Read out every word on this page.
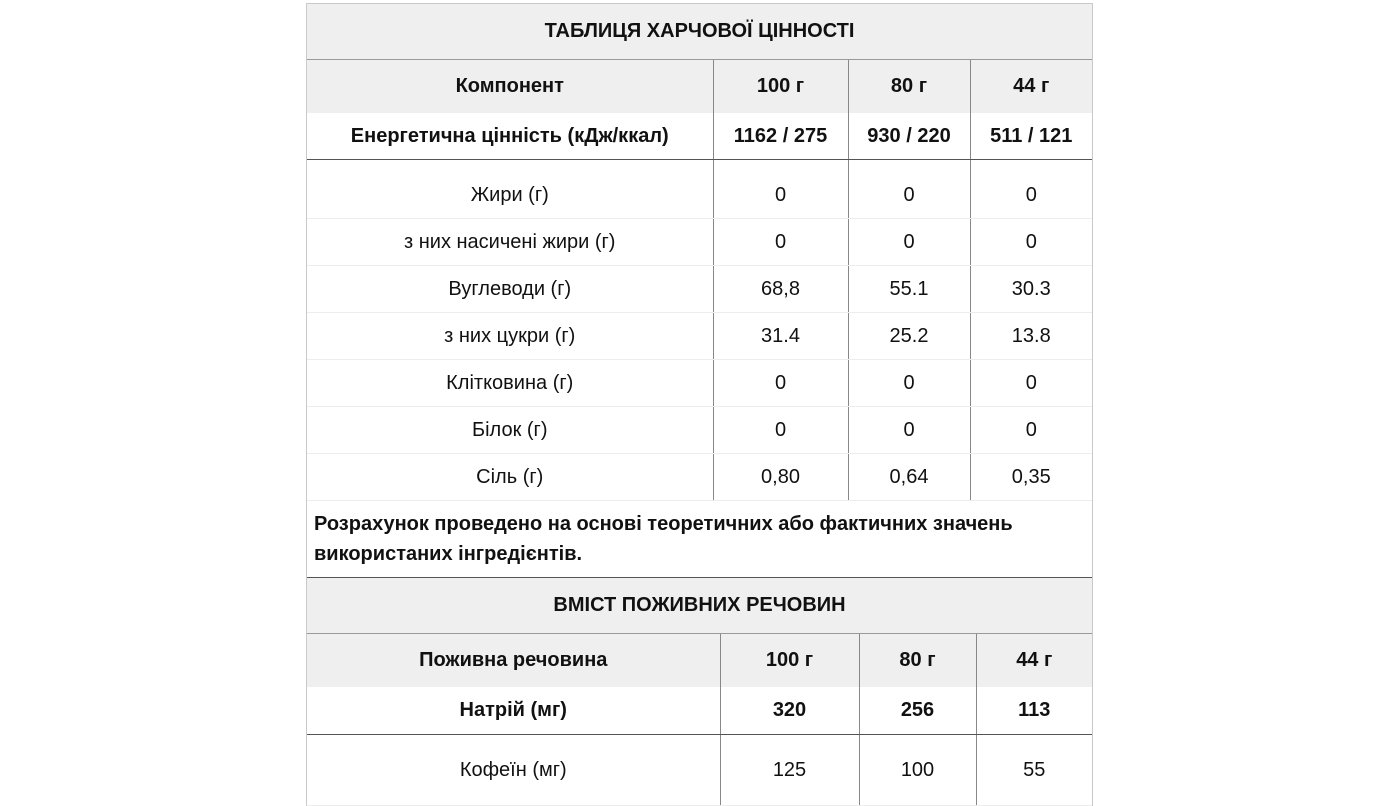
ТАБЛИЦЯ ХАРЧОВОЇ ЦІННОСТІ			
Компонент	100 г	80 г	44 г
Енергетична цінність (кДж/ккал)	1162 / 275	930 / 220	511 / 121

Жири (г)	0	0	0
з них насичені жири (г)	0	0	0
Вуглеводи (г)	68,8	55.1	30.3
з них цукри (г)	31.4	25.2	13.8
Клітковина (г)	0	0	0
Білок (г)	0	0	0
Сіль (г)	0,80	0,64	0,35
Розрахунок проведено на основі теоретичних або фактичних значень використаних інгредієнтів.			
ВМІСТ ПОЖИВНИХ РЕЧОВИН			
Поживна речовина	100 г	80 г	44 г
Натрій (мг)	320	256	113
Кофеїн (мг)	125	100	55
